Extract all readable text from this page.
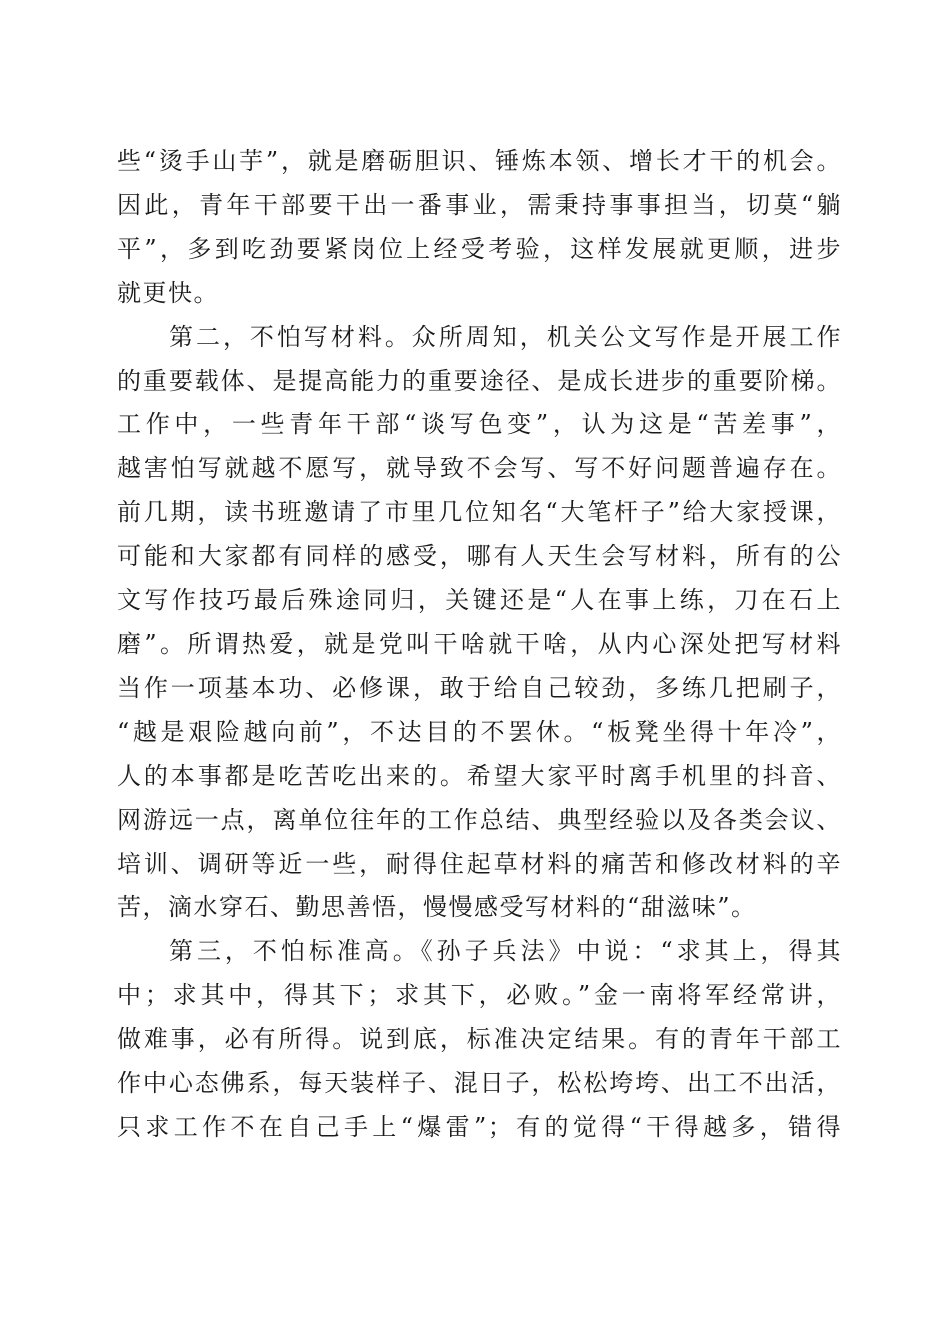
些“烫手山芋”，就是磨砺胆识、锤炼本领、增长才干的机会。
因此，青年干部要干出一番事业，需秉持事事担当，切莫“躺
平”，多到吃劲要紧岗位上经受考验，这样发展就更顺，进步
就更快。
第二，不怕写材料。众所周知，机关公文写作是开展工作
的重要载体、是提高能力的重要途径、是成长进步的重要阶梯。
工作中，一些青年干部“谈写色变”，认为这是“苦差事”，
越害怕写就越不愿写，就导致不会写、写不好问题普遍存在。
前几期，读书班邀请了市里几位知名“大笔杆子”给大家授课，
可能和大家都有同样的感受，哪有人天生会写材料，所有的公
文写作技巧最后殊途同归，关键还是“人在事上练，刀在石上
磨”。所谓热爱，就是党叫干啥就干啥，从内心深处把写材料
当作一项基本功、必修课，敢于给自己较劲，多练几把刷子，
“越是艰险越向前”，不达目的不罢休。“板凳坐得十年冷”，
人的本事都是吃苦吃出来的。希望大家平时离手机里的抖音、
网游远一点，离单位往年的工作总结、典型经验以及各类会议、
培训、调研等近一些，耐得住起草材料的痛苦和修改材料的辛
苦，滴水穿石、勤思善悟，慢慢感受写材料的“甜滋味”。
第三，不怕标准高。《孙子兵法》中说：“求其上，得其
中；求其中，得其下；求其下，必败。”金一南将军经常讲，
做难事，必有所得。说到底，标准决定结果。有的青年干部工
作中心态佛系，每天装样子、混日子，松松垮垮、出工不出活，
只求工作不在自己手上“爆雷”；有的觉得“干得越多，错得
